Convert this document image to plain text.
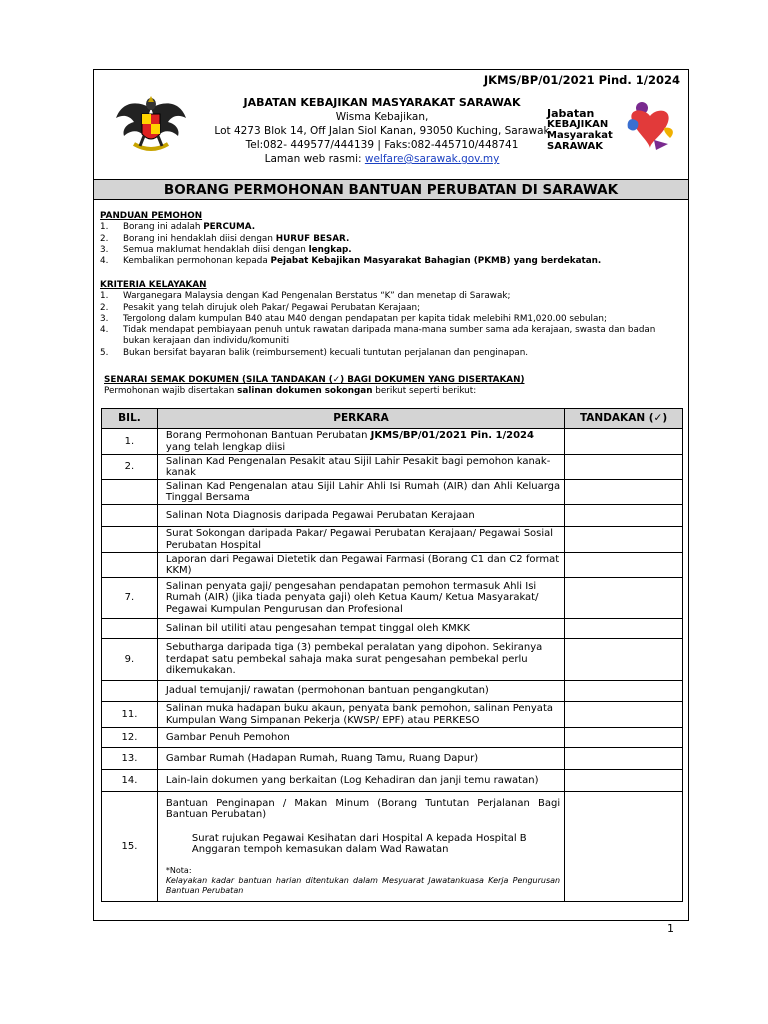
JKMS/BP/01/2021 Pind. 1/2024
JABATAN KEBAJIKAN MASYARAKAT SARAWAK
Wisma Kebajikan,
Lot 4273 Blok 14, Off Jalan Siol Kanan, 93050 Kuching, Sarawak
Tel:082- 449577/444139 | Faks:082-445710/448741
Laman web rasmi: welfare@sarawak.gov.my
Jabatan
KEBAJIKAN
Masyarakat
SARAWAK
BORANG PERMOHONAN BANTUAN PERUBATAN DI SARAWAK
PANDUAN PEMOHON
1. Borang ini adalah PERCUMA.
2. Borang ini hendaklah diisi dengan HURUF BESAR.
3. Semua maklumat hendaklah diisi dengan lengkap.
4. Kembalikan permohonan kepada Pejabat Kebajikan Masyarakat Bahagian (PKMB) yang berdekatan.
KRITERIA KELAYAKAN
1. Warganegara Malaysia dengan Kad Pengenalan Berstatus “K” dan menetap di Sarawak;
2. Pesakit yang telah dirujuk oleh Pakar/ Pegawai Perubatan Kerajaan;
3. Tergolong dalam kumpulan B40 atau M40 dengan pendapatan per kapita tidak melebihi RM1,020.00 sebulan;
4. Tidak mendapat pembiayaan penuh untuk rawatan daripada mana-mana sumber sama ada kerajaan, swasta dan badan bukan kerajaan dan individu/komuniti
5. Bukan bersifat bayaran balik (reimbursement) kecuali tuntutan perjalanan dan penginapan.
SENARAI SEMAK DOKUMEN (SILA TANDAKAN (✓) BAGI DOKUMEN YANG DISERTAKAN)
Permohonan wajib disertakan salinan dokumen sokongan berikut seperti berikut:
BIL.	PERKARA	TANDAKAN (✓)
1.	Borang Permohonan Bantuan Perubatan JKMS/BP/01/2021 Pin. 1/2024
yang telah lengkap diisi	
2.	Salinan Kad Pengenalan Pesakit atau Sijil Lahir Pesakit bagi pemohon kanak-kanak	
	Salinan Kad Pengenalan atau Sijil Lahir Ahli Isi Rumah (AIR) dan Ahli Keluarga Tinggal Bersama	
	Salinan Nota Diagnosis daripada Pegawai Perubatan Kerajaan	
	Surat Sokongan daripada Pakar/ Pegawai Perubatan Kerajaan/ Pegawai Sosial Perubatan Hospital	
	Laporan dari Pegawai Dietetik dan Pegawai Farmasi (Borang C1 dan C2 format KKM)	
7.	Salinan penyata gaji/ pengesahan pendapatan pemohon termasuk Ahli Isi Rumah (AIR) (jika tiada penyata gaji) oleh Ketua Kaum/ Ketua Masyarakat/ Pegawai Kumpulan Pengurusan dan Profesional	
	Salinan bil utiliti atau pengesahan tempat tinggal oleh KMKK	
9.	Sebutharga daripada tiga (3) pembekal peralatan yang dipohon. Sekiranya terdapat satu pembekal sahaja maka surat pengesahan pembekal perlu dikemukakan.	
	Jadual temujanji/ rawatan (permohonan bantuan pengangkutan)	
11.	Salinan muka hadapan buku akaun, penyata bank pemohon, salinan Penyata Kumpulan Wang Simpanan Pekerja (KWSP/ EPF) atau PERKESO	
12.	Gambar Penuh Pemohon	
13.	Gambar Rumah (Hadapan Rumah, Ruang Tamu, Ruang Dapur)	
14.	Lain-lain dokumen yang berkaitan (Log Kehadiran dan janji temu rawatan)	
15.	Bantuan Penginapan / Makan Minum (Borang Tuntutan Perjalanan Bagi Bantuan Perubatan)
Surat rujukan Pegawai Kesihatan dari Hospital A kepada Hospital B
Anggaran tempoh kemasukan dalam Wad Rawatan
*Nota:
Kelayakan kadar bantuan harian ditentukan dalam Mesyuarat Jawatankuasa Kerja Pengurusan Bantuan Perubatan	

1
